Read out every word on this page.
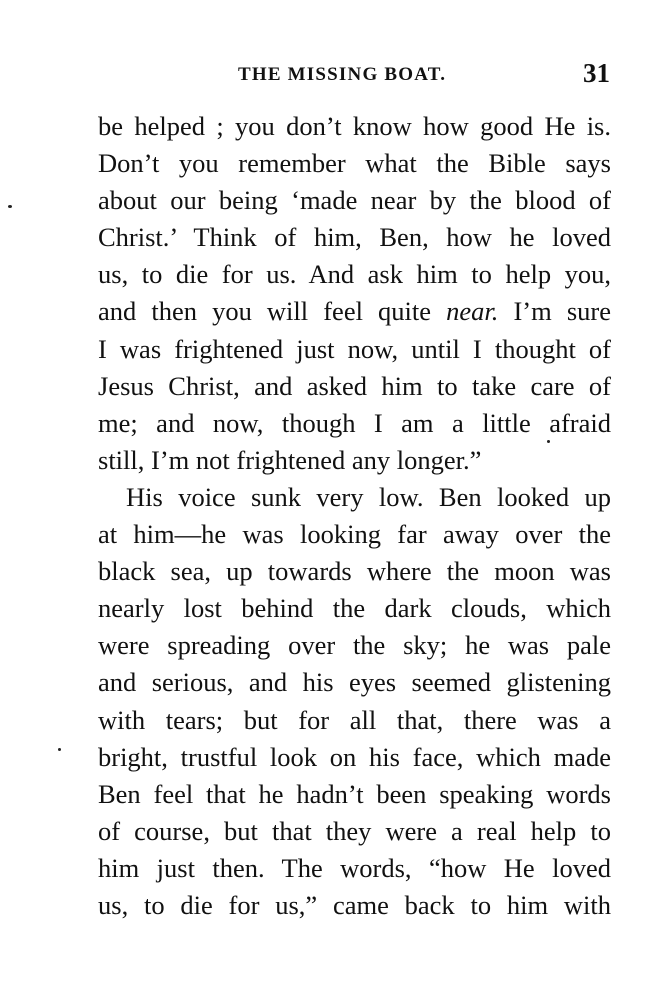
THE MISSING BOAT.	31
be helped ; you don’t know how good He is.
Don’t you remember what the Bible says
about our being ‘made near by the blood of
Christ.’ Think of him, Ben, how he loved
us, to die for us. And ask him to help you,
and then you will feel quite near. I’m sure
I was frightened just now, until I thought of
Jesus Christ, and asked him to take care of
me; and now, though I am a little afraid
still, I’m not frightened any longer.”
His voice sunk very low. Ben looked up
at him—he was looking far away over the
black sea, up towards where the moon was
nearly lost behind the dark clouds, which
were spreading over the sky; he was pale
and serious, and his eyes seemed glistening
with tears; but for all that, there was a
bright, trustful look on his face, which made
Ben feel that he hadn’t been speaking words
of course, but that they were a real help to
him just then. The words, “how He loved
us, to die for us,” came back to him with
